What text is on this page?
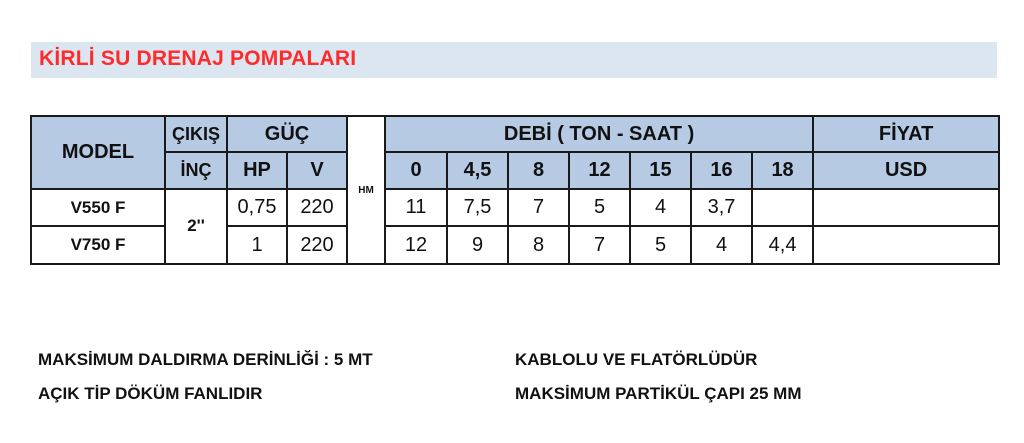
KİRLİ SU DRENAJ POMPALARI
MODEL	ÇIKIŞ	GÜÇ		HM	DEBİ ( TON - SAAT )							FİYAT
	İNÇ	HP	V		0	4,5	8	12	15	16	18	USD
V550 F	2''	0,75	220		11	7,5	7	5	4	3,7		
V750 F		1	220		12	9	8	7	5	4	4,4	
MAKSİMUM DALDIRMA DERİNLİĞİ : 5 MT
AÇIK TİP DÖKÜM FANLIDIR
KABLOLU VE FLATÖRLÜDÜR
MAKSİMUM PARTİKÜL ÇAPI 25 MM
